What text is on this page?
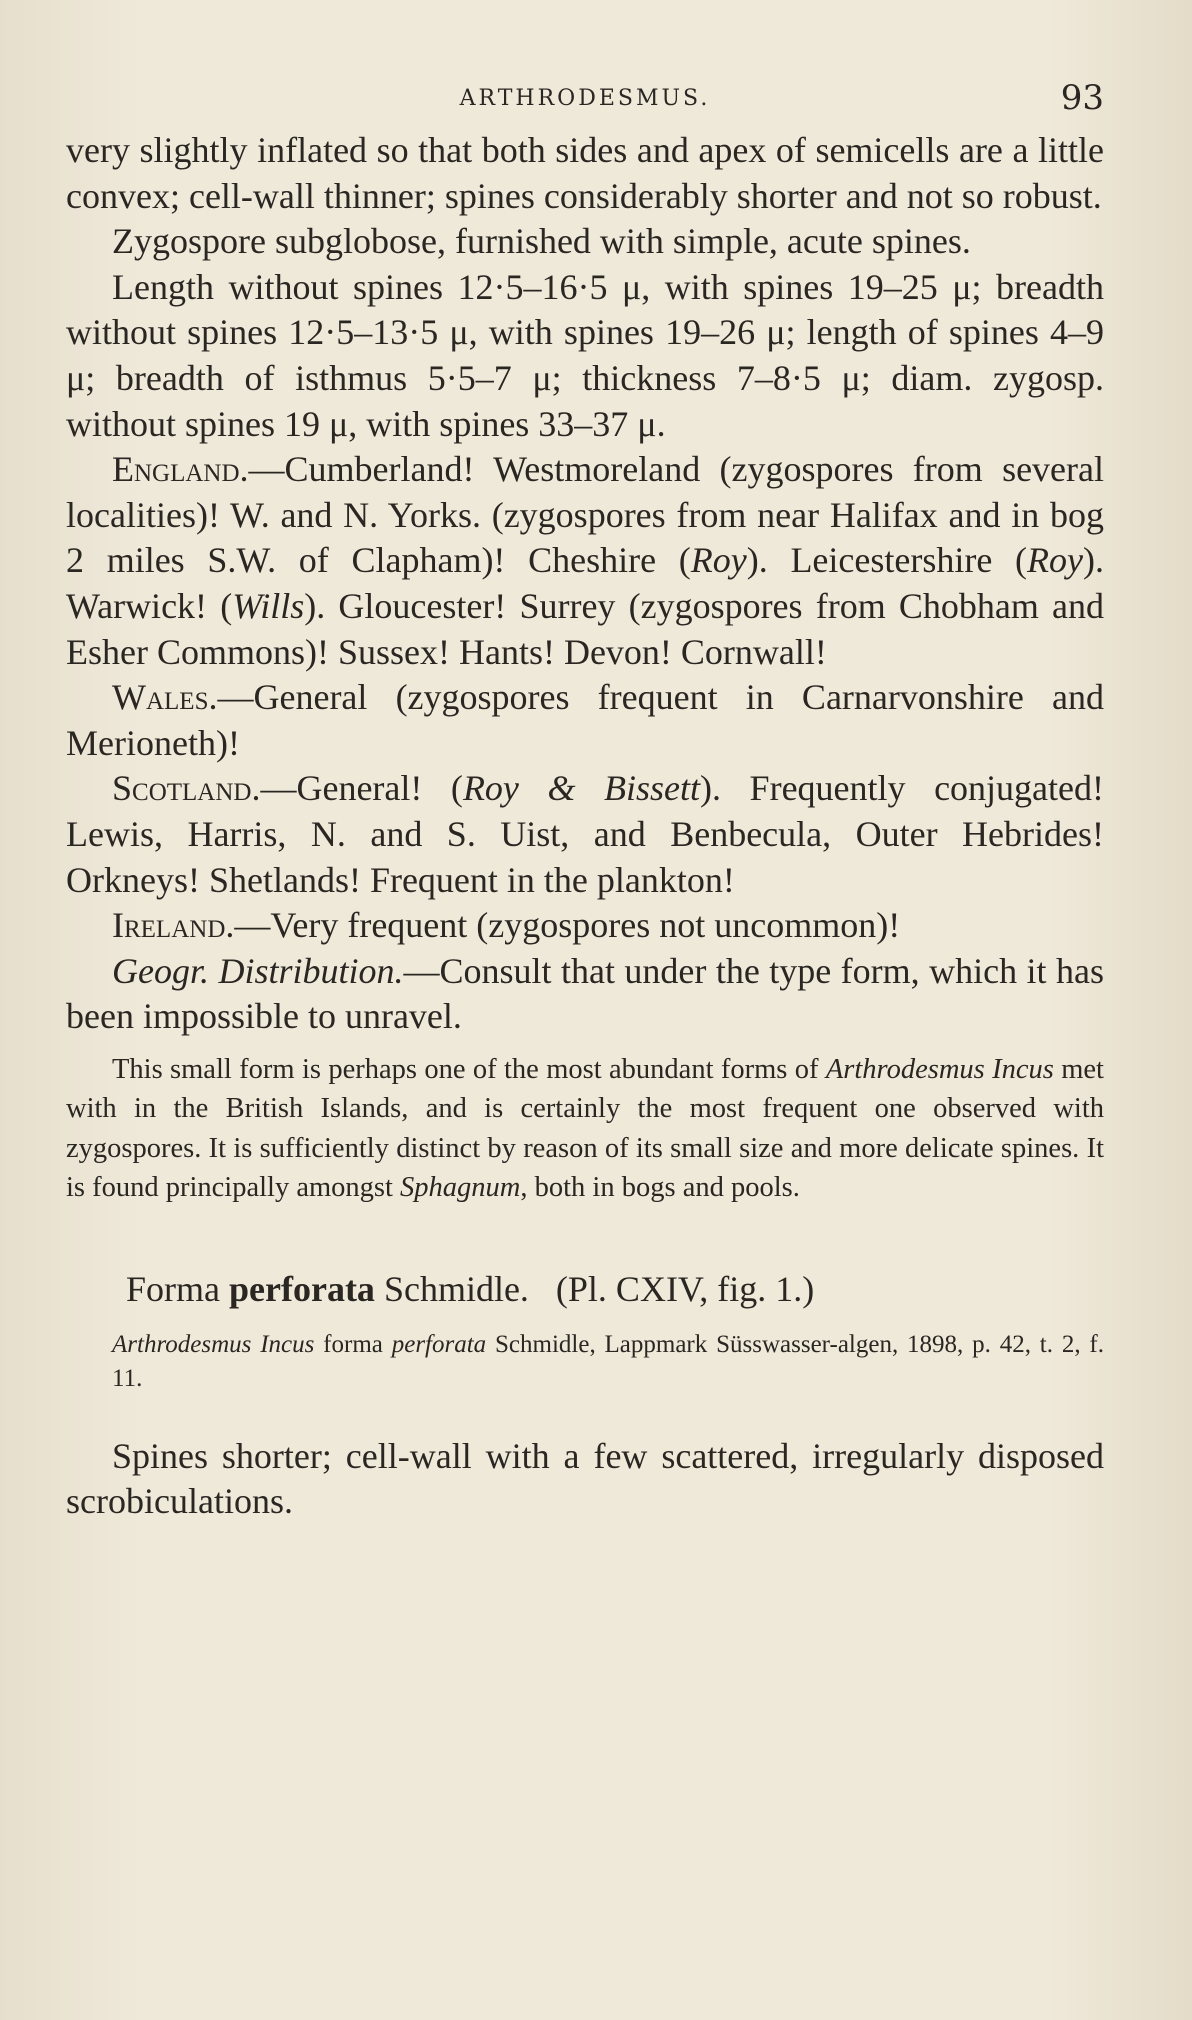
ARTHRODESMUS.	93

very slightly inflated so that both sides and apex of semicells are a little convex; cell-wall thinner; spines considerably shorter and not so robust.

Zygospore subglobose, furnished with simple, acute spines.

Length without spines 12·5–16·5 μ, with spines 19–25 μ; breadth without spines 12·5–13·5 μ, with spines 19–26 μ; length of spines 4–9 μ; breadth of isthmus 5·5–7 μ; thickness 7–8·5 μ; diam. zygosp. without spines 19 μ, with spines 33–37 μ.

England.—Cumberland! Westmoreland (zygospores from several localities)! W. and N. Yorks. (zygospores from near Halifax and in bog 2 miles S.W. of Clapham)! Cheshire (Roy). Leicestershire (Roy). Warwick! (Wills). Gloucester! Surrey (zygospores from Chobham and Esher Commons)! Sussex! Hants! Devon! Cornwall!

Wales.—General (zygospores frequent in Carnarvonshire and Merioneth)!

Scotland.—General! (Roy & Bissett). Frequently conjugated! Lewis, Harris, N. and S. Uist, and Benbecula, Outer Hebrides! Orkneys! Shetlands! Frequent in the plankton!

Ireland.—Very frequent (zygospores not uncommon)!

Geogr. Distribution.—Consult that under the type form, which it has been impossible to unravel.

This small form is perhaps one of the most abundant forms of Arthrodesmus Incus met with in the British Islands, and is certainly the most frequent one observed with zygospores. It is sufficiently distinct by reason of its small size and more delicate spines. It is found principally amongst Sphagnum, both in bogs and pools.

Forma perforata Schmidle. (Pl. CXIV, fig. 1.)

Arthrodesmus Incus forma perforata Schmidle, Lappmark Süsswasser-algen, 1898, p. 42, t. 2, f. 11.

Spines shorter; cell-wall with a few scattered, irregularly disposed scrobiculations.
